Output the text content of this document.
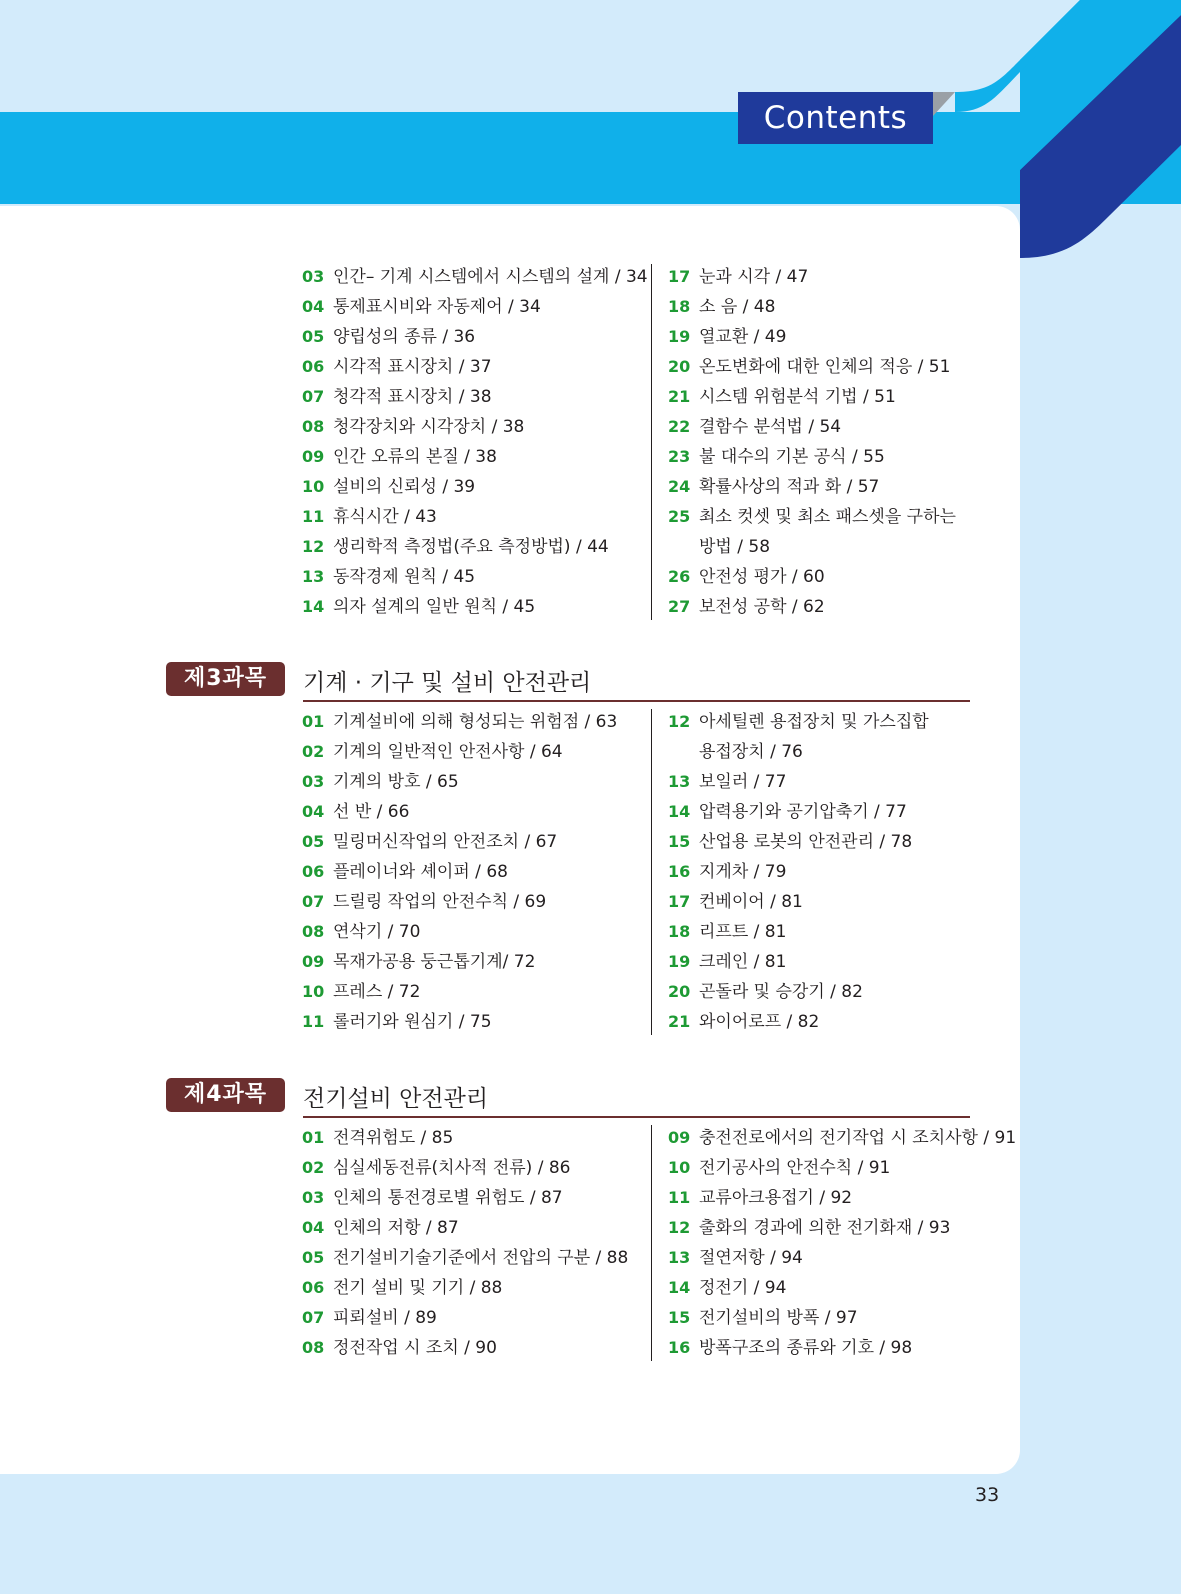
Contents
03 인간– 기계 시스템에서 시스템의 설계 / 34
04 통제표시비와 자동제어 / 34
05 양립성의 종류 / 36
06 시각적 표시장치 / 37
07 청각적 표시장치 / 38
08 청각장치와 시각장치 / 38
09 인간 오류의 본질 / 38
10 설비의 신뢰성 / 39
11 휴식시간 / 43
12 생리학적 측정법(주요 측정방법) / 44
13 동작경제 원칙 / 45
14 의자 설계의 일반 원칙 / 45
17 눈과 시각 / 47
18 소 음 / 48
19 열교환 / 49
20 온도변화에 대한 인체의 적응 / 51
21 시스템 위험분석 기법 / 51
22 결함수 분석법 / 54
23 불 대수의 기본 공식 / 55
24 확률사상의 적과 화 / 57
25 최소 컷셋 및 최소 패스셋을 구하는
방법 / 58
26 안전성 평가 / 60
27 보전성 공학 / 62
제3과목	기계 · 기구 및 설비 안전관리
01 기계설비에 의해 형성되는 위험점 / 63
02 기계의 일반적인 안전사항 / 64
03 기계의 방호 / 65
04 선 반 / 66
05 밀링머신작업의 안전조치 / 67
06 플레이너와 셰이퍼 / 68
07 드릴링 작업의 안전수칙 / 69
08 연삭기 / 70
09 목재가공용 둥근톱기계/ 72
10 프레스 / 72
11 롤러기와 원심기 / 75
12 아세틸렌 용접장치 및 가스집합
용접장치 / 76
13 보일러 / 77
14 압력용기와 공기압축기 / 77
15 산업용 로봇의 안전관리 / 78
16 지게차 / 79
17 컨베이어 / 81
18 리프트 / 81
19 크레인 / 81
20 곤돌라 및 승강기 / 82
21 와이어로프 / 82
제4과목	전기설비 안전관리
01 전격위험도 / 85
02 심실세동전류(치사적 전류) / 86
03 인체의 통전경로별 위험도 / 87
04 인체의 저항 / 87
05 전기설비기술기준에서 전압의 구분 / 88
06 전기 설비 및 기기 / 88
07 피뢰설비 / 89
08 정전작업 시 조치 / 90
09 충전전로에서의 전기작업 시 조치사항 / 91
10 전기공사의 안전수칙 / 91
11 교류아크용접기 / 92
12 출화의 경과에 의한 전기화재 / 93
13 절연저항 / 94
14 정전기 / 94
15 전기설비의 방폭 / 97
16 방폭구조의 종류와 기호 / 98
33
